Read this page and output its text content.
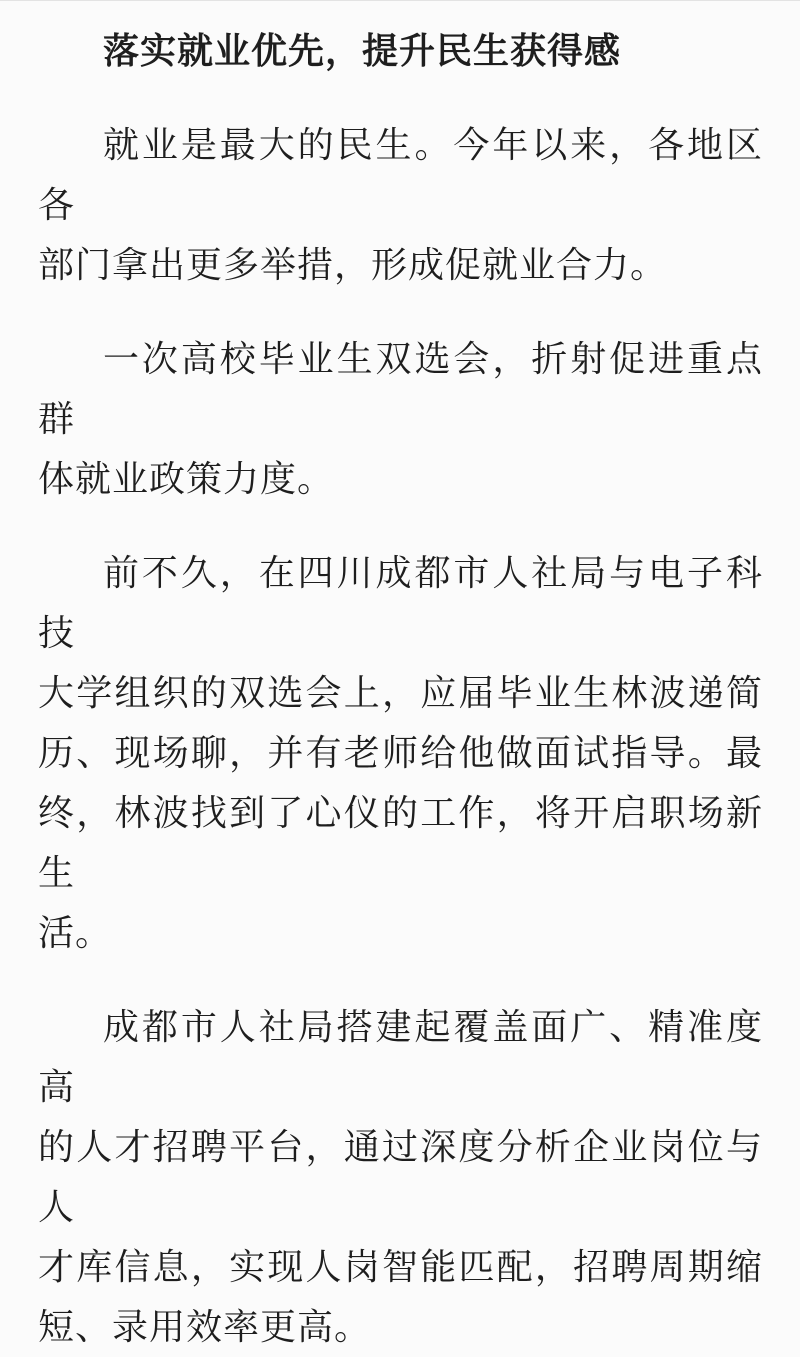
落实就业优先，提升民生获得感

就业是最大的民生。今年以来，各地区各
部门拿出更多举措，形成促就业合力。

一次高校毕业生双选会，折射促进重点群
体就业政策力度。

前不久，在四川成都市人社局与电子科技
大学组织的双选会上，应届毕业生林波递简
历、现场聊，并有老师给他做面试指导。最
终，林波找到了心仪的工作，将开启职场新生
活。

成都市人社局搭建起覆盖面广、精准度高
的人才招聘平台，通过深度分析企业岗位与人
才库信息，实现人岗智能匹配，招聘周期缩
短、录用效率更高。
